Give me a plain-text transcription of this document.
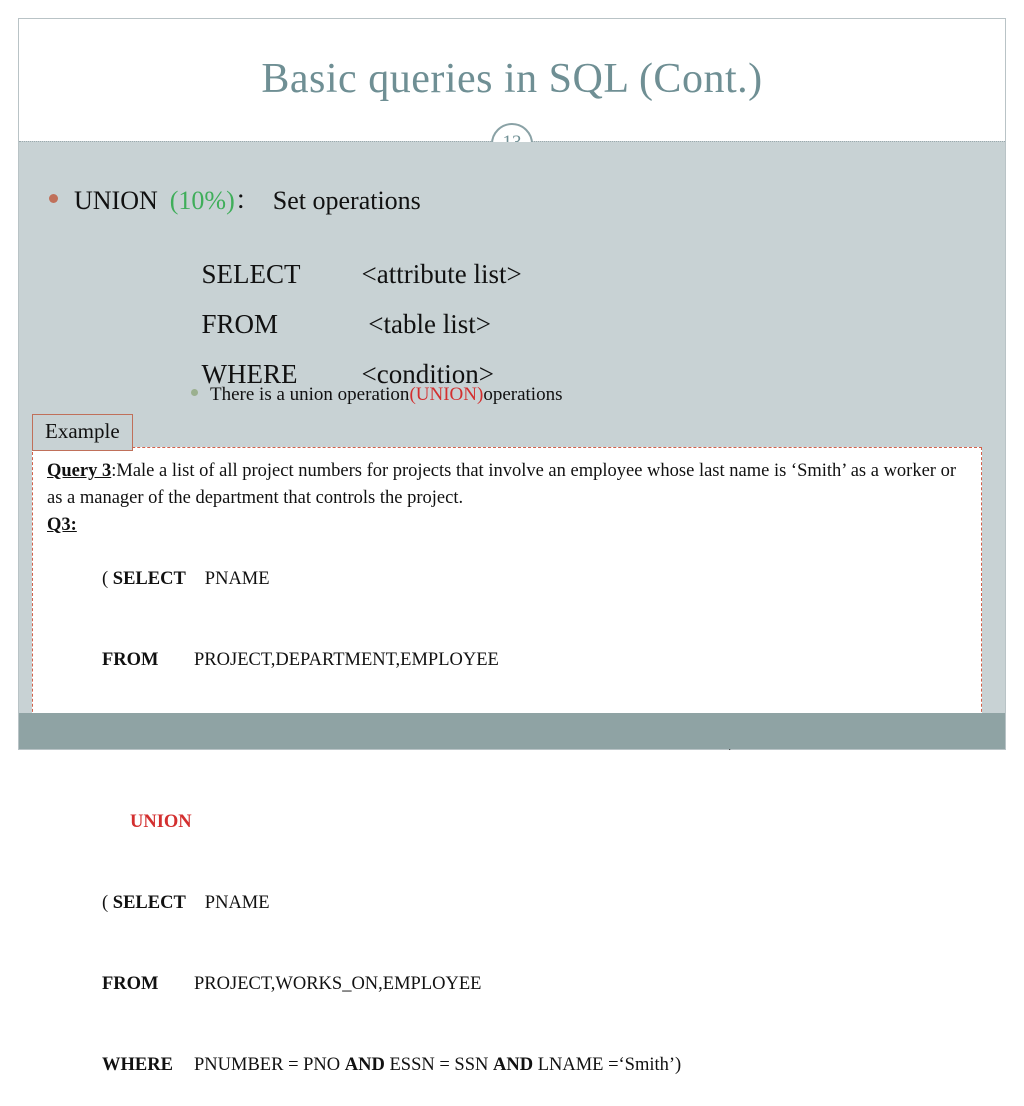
Basic queries in SQL (Cont.)
UNION (10%) ： Set operations

SELECT <attribute list>

FROM	<table list>

WHERE <condition>

There is a union operation (UNION) operations
Example
Query 3:Male a list of all project numbers for projects that involve an employee whose last name is ‘Smith’ as a worker or as a manager of the department that controls the project.
Q3:

( SELECT PNAME

FROM PROJECT,DEPARTMENT,EMPLOYEE

UNION

( SELECT PNAME

FROM PROJECT,WORKS_ON,EMPLOYEE

WHERE PNUMBER = PNO AND ESSN = SSN AND LNAME =‘Smith’)
